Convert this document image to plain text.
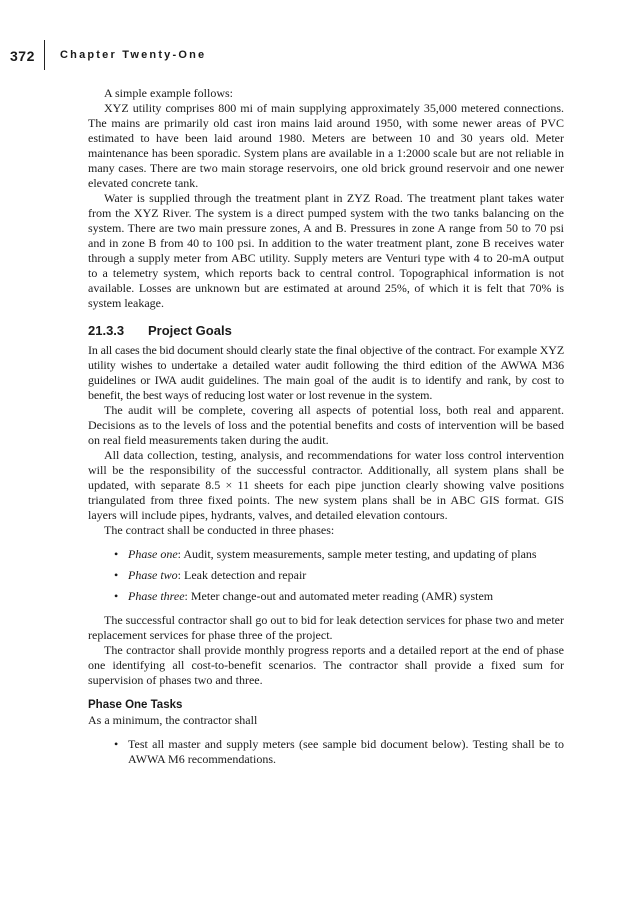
372 Chapter Twenty-One

A simple example follows:

XYZ utility comprises 800 mi of main supplying approximately 35,000 metered connections. The mains are primarily old cast iron mains laid around 1950, with some newer areas of PVC estimated to have been laid around 1980. Meters are between 10 and 30 years old. Meter maintenance has been sporadic. System plans are available in a 1:2000 scale but are not reliable in many cases. There are two main storage reservoirs, one old brick ground reservoir and one newer elevated concrete tank.

Water is supplied through the treatment plant in ZYZ Road. The treatment plant takes water from the XYZ River. The system is a direct pumped system with the two tanks balancing on the system. There are two main pressure zones, A and B. Pressures in zone A range from 50 to 70 psi and in zone B from 40 to 100 psi. In addition to the water treatment plant, zone B receives water through a supply meter from ABC utility. Supply meters are Venturi type with 4 to 20-mA output to a telemetry system, which reports back to central control. Topographical information is not available. Losses are unknown but are estimated at around 25%, of which it is felt that 70% is system leakage.

21.3.3 Project Goals

In all cases the bid document should clearly state the final objective of the contract. For example XYZ utility wishes to undertake a detailed water audit following the third edition of the AWWA M36 guidelines or IWA audit guidelines. The main goal of the audit is to identify and rank, by cost to benefit, the best ways of reducing lost water or lost revenue in the system.

The audit will be complete, covering all aspects of potential loss, both real and apparent. Decisions as to the levels of loss and the potential benefits and costs of intervention will be based on real field measurements taken during the audit.

All data collection, testing, analysis, and recommendations for water loss control intervention will be the responsibility of the successful contractor. Additionally, all system plans shall be updated, with separate 8.5 × 11 sheets for each pipe junction clearly showing valve positions triangulated from three fixed points. The new system plans shall be in ABC GIS format. GIS layers will include pipes, hydrants, valves, and detailed elevation contours.

The contract shall be conducted in three phases:

• Phase one: Audit, system measurements, sample meter testing, and updating of plans
• Phase two: Leak detection and repair
• Phase three: Meter change-out and automated meter reading (AMR) system

The successful contractor shall go out to bid for leak detection services for phase two and meter replacement services for phase three of the project.

The contractor shall provide monthly progress reports and a detailed report at the end of phase one identifying all cost-to-benefit scenarios. The contractor shall provide a fixed sum for supervision of phases two and three.

Phase One Tasks

As a minimum, the contractor shall

• Test all master and supply meters (see sample bid document below). Testing shall be to AWWA M6 recommendations.
